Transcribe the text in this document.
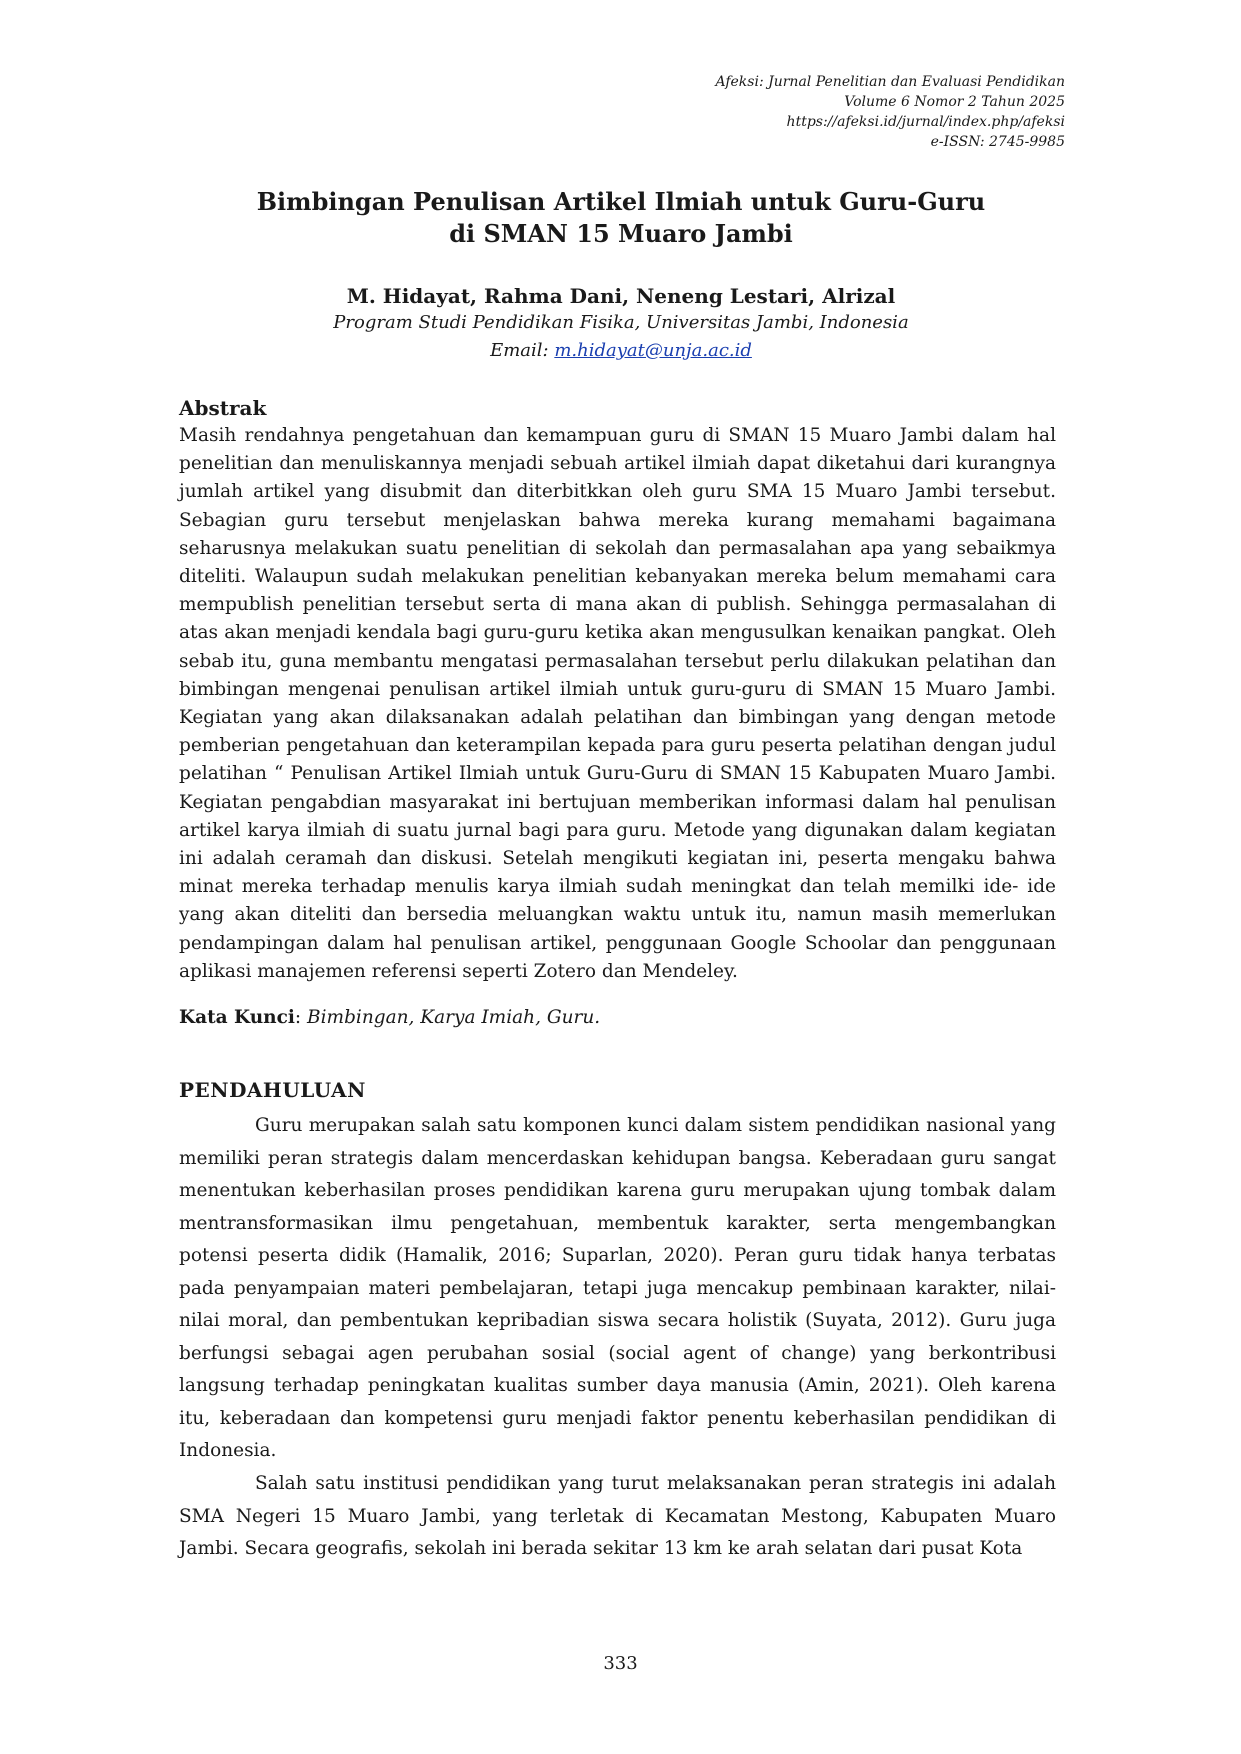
Afeksi: Jurnal Penelitian dan Evaluasi Pendidikan
Volume 6 Nomor 2 Tahun 2025
https://afeksi.id/jurnal/index.php/afeksi
e-ISSN: 2745-9985
Bimbingan Penulisan Artikel Ilmiah untuk Guru-Guru
di SMAN 15 Muaro Jambi
M. Hidayat, Rahma Dani, Neneng Lestari, Alrizal
Program Studi Pendidikan Fisika, Universitas Jambi, Indonesia
Email: m.hidayat@unja.ac.id
Abstrak
Masih rendahnya pengetahuan dan kemampuan guru di SMAN 15 Muaro Jambi dalam hal penelitian dan menuliskannya menjadi sebuah artikel ilmiah dapat diketahui dari kurangnya jumlah artikel yang disubmit dan diterbitkkan oleh guru SMA 15 Muaro Jambi tersebut. Sebagian guru tersebut menjelaskan bahwa mereka kurang memahami bagaimana seharusnya melakukan suatu penelitian di sekolah dan permasalahan apa yang sebaikmya diteliti. Walaupun sudah melakukan penelitian kebanyakan mereka belum memahami cara mempublish penelitian tersebut serta di mana akan di publish. Sehingga permasalahan di atas akan menjadi kendala bagi guru-guru ketika akan mengusulkan kenaikan pangkat. Oleh sebab itu, guna membantu mengatasi permasalahan tersebut perlu dilakukan pelatihan dan bimbingan mengenai penulisan artikel ilmiah untuk guru-guru di SMAN 15 Muaro Jambi. Kegiatan yang akan dilaksanakan adalah pelatihan dan bimbingan yang dengan metode pemberian pengetahuan dan keterampilan kepada para guru peserta pelatihan dengan judul pelatihan “ Penulisan Artikel Ilmiah untuk Guru-Guru di SMAN 15 Kabupaten Muaro Jambi. Kegiatan pengabdian masyarakat ini bertujuan memberikan informasi dalam hal penulisan artikel karya ilmiah di suatu jurnal bagi para guru. Metode yang digunakan dalam kegiatan ini adalah ceramah dan diskusi. Setelah mengikuti kegiatan ini, peserta mengaku bahwa minat mereka terhadap menulis karya ilmiah sudah meningkat dan telah memilki ide- ide yang akan diteliti dan bersedia meluangkan waktu untuk itu, namun masih memerlukan pendampingan dalam hal penulisan artikel, penggunaan Google Schoolar dan penggunaan aplikasi manajemen referensi seperti Zotero dan Mendeley.
Kata Kunci: Bimbingan, Karya Imiah, Guru.
PENDAHULUAN
Guru merupakan salah satu komponen kunci dalam sistem pendidikan nasional yang memiliki peran strategis dalam mencerdaskan kehidupan bangsa. Keberadaan guru sangat menentukan keberhasilan proses pendidikan karena guru merupakan ujung tombak dalam mentransformasikan ilmu pengetahuan, membentuk karakter, serta mengembangkan potensi peserta didik (Hamalik, 2016; Suparlan, 2020). Peran guru tidak hanya terbatas pada penyampaian materi pembelajaran, tetapi juga mencakup pembinaan karakter, nilai-nilai moral, dan pembentukan kepribadian siswa secara holistik (Suyata, 2012). Guru juga berfungsi sebagai agen perubahan sosial (social agent of change) yang berkontribusi langsung terhadap peningkatan kualitas sumber daya manusia (Amin, 2021). Oleh karena itu, keberadaan dan kompetensi guru menjadi faktor penentu keberhasilan pendidikan di Indonesia.
Salah satu institusi pendidikan yang turut melaksanakan peran strategis ini adalah SMA Negeri 15 Muaro Jambi, yang terletak di Kecamatan Mestong, Kabupaten Muaro Jambi. Secara geografis, sekolah ini berada sekitar 13 km ke arah selatan dari pusat Kota
333
